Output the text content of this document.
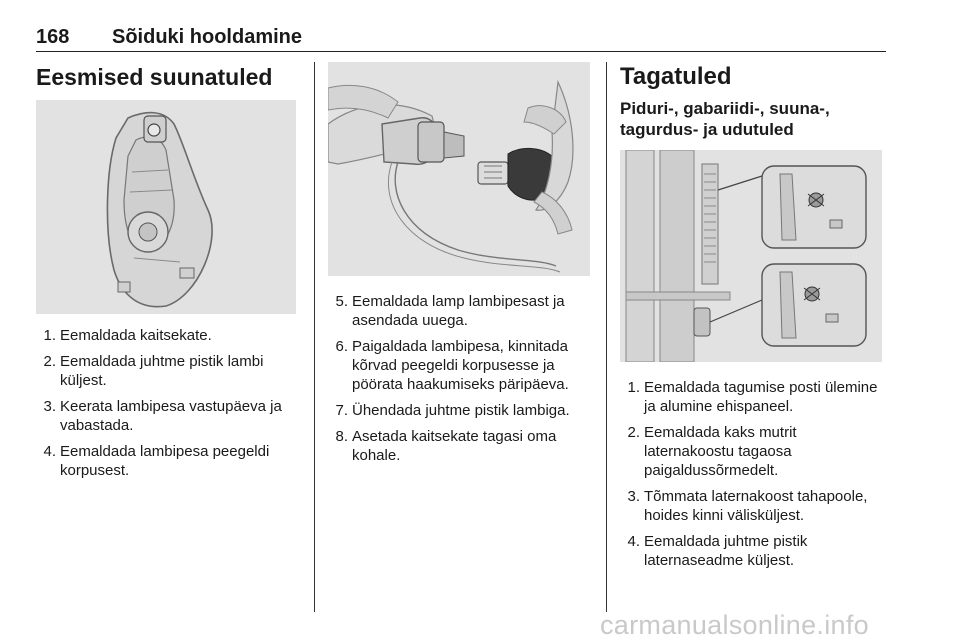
168 Sõiduki hooldamine
Eesmised suunatuled
1. Eemaldada kaitsekate.
2. Eemaldada juhtme pistik lambi küljest.
3. Keerata lambipesa vastupäeva ja vabastada.
4. Eemaldada lambipesa peegeldi korpusest.
5. Eemaldada lamp lambipesast ja asendada uuega.
6. Paigaldada lambipesa, kinnitada kõrvad peegeldi korpusesse ja pöörata haakumiseks päripäeva.
7. Ühendada juhtme pistik lambiga.
8. Asetada kaitsekate tagasi oma kohale.
Tagatuled
Piduri-, gabariidi-, suuna-, tagurdus- ja udutuled
1. Eemaldada tagumise posti ülemine ja alumine ehispaneel.
2. Eemaldada kaks mutrit laternakoostu tagaosa paigaldussõrmedelt.
3. Tõmmata laternakoost tahapoole, hoides kinni välisküljest.
4. Eemaldada juhtme pistik laternaseadme küljest.
carmanualsonline.info
